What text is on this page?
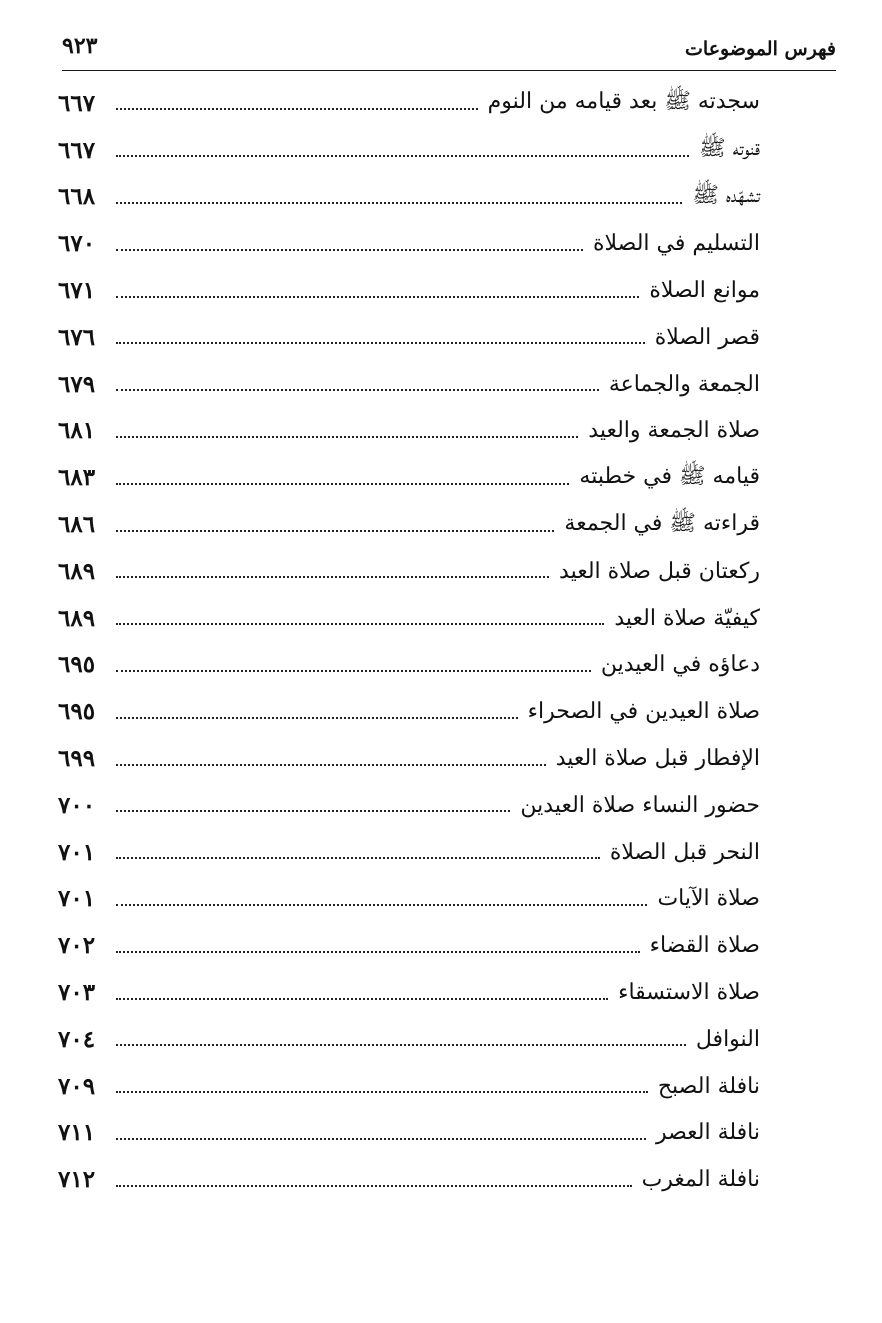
فهرس الموضوعات
٩٢٣
سجدته ﷺ بعد قيامه من النوم
٦٦٧
قنوته ﷺ
٦٦٧
تشهّده ﷺ
٦٦٨
التسليم في الصلاة
٦٧٠
موانع الصلاة
٦٧١
قصر الصلاة
٦٧٦
الجمعة والجماعة
٦٧٩
صلاة الجمعة والعيد
٦٨١
قيامه ﷺ في خطبته
٦٨٣
قراءته ﷺ في الجمعة
٦٨٦
ركعتان قبل صلاة العيد
٦٨٩
كيفيّة صلاة العيد
٦٨٩
دعاؤه في العيدين
٦٩٥
صلاة العيدين في الصحراء
٦٩٥
الإفطار قبل صلاة العيد
٦٩٩
حضور النساء صلاة العيدين
٧٠٠
النحر قبل الصلاة
٧٠١
صلاة الآيات
٧٠١
صلاة القضاء
٧٠٢
صلاة الاستسقاء
٧٠٣
النوافل
٧٠٤
نافلة الصبح
٧٠٩
نافلة العصر
٧١١
نافلة المغرب
٧١٢
